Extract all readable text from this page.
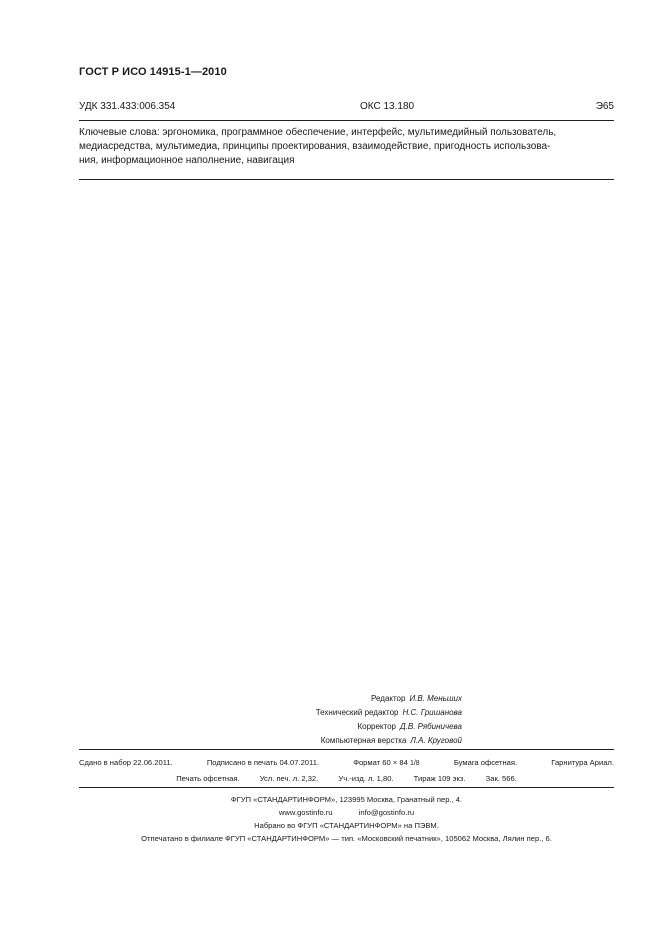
ГОСТ Р ИСО 14915-1—2010
УДК 331.433:006.354	ОКС 13.180	Э65
Ключевые слова: эргономика, программное обеспечение, интерфейс, мультимедийный пользователь,
медиасредства, мультимедиа, принципы проектирования, взаимодействие, пригодность использова-
ния, информационное наполнение, навигация
Редактор И.В. Меньших
Технический редактор Н.С. Гришанова
Корректор Д.В. Рябиничева
Компьютерная верстка Л.А. Круговой
Сдано в набор 22.06.2011.	Подписано в печать 04.07.2011.	Формат 60 × 84 1/8	Бумага офсетная.	Гарнитура Ариал.
Печать офсетная.	Усл. печ. л. 2,32.	Уч.-изд. л. 1,80.	Тираж 109 экз.	Зак. 566.
ФГУП «СТАНДАРТИНФОРМ», 123995 Москва, Гранатный пер., 4.
www.gostinfo.ru	info@gostinfo.ru
Набрано во ФГУП «СТАНДАРТИНФОРМ» на ПЭВМ.
Отпечатано в филиале ФГУП «СТАНДАРТИНФОРМ» — тип. «Московский печатник», 105062 Москва, Лялин пер., 6.
